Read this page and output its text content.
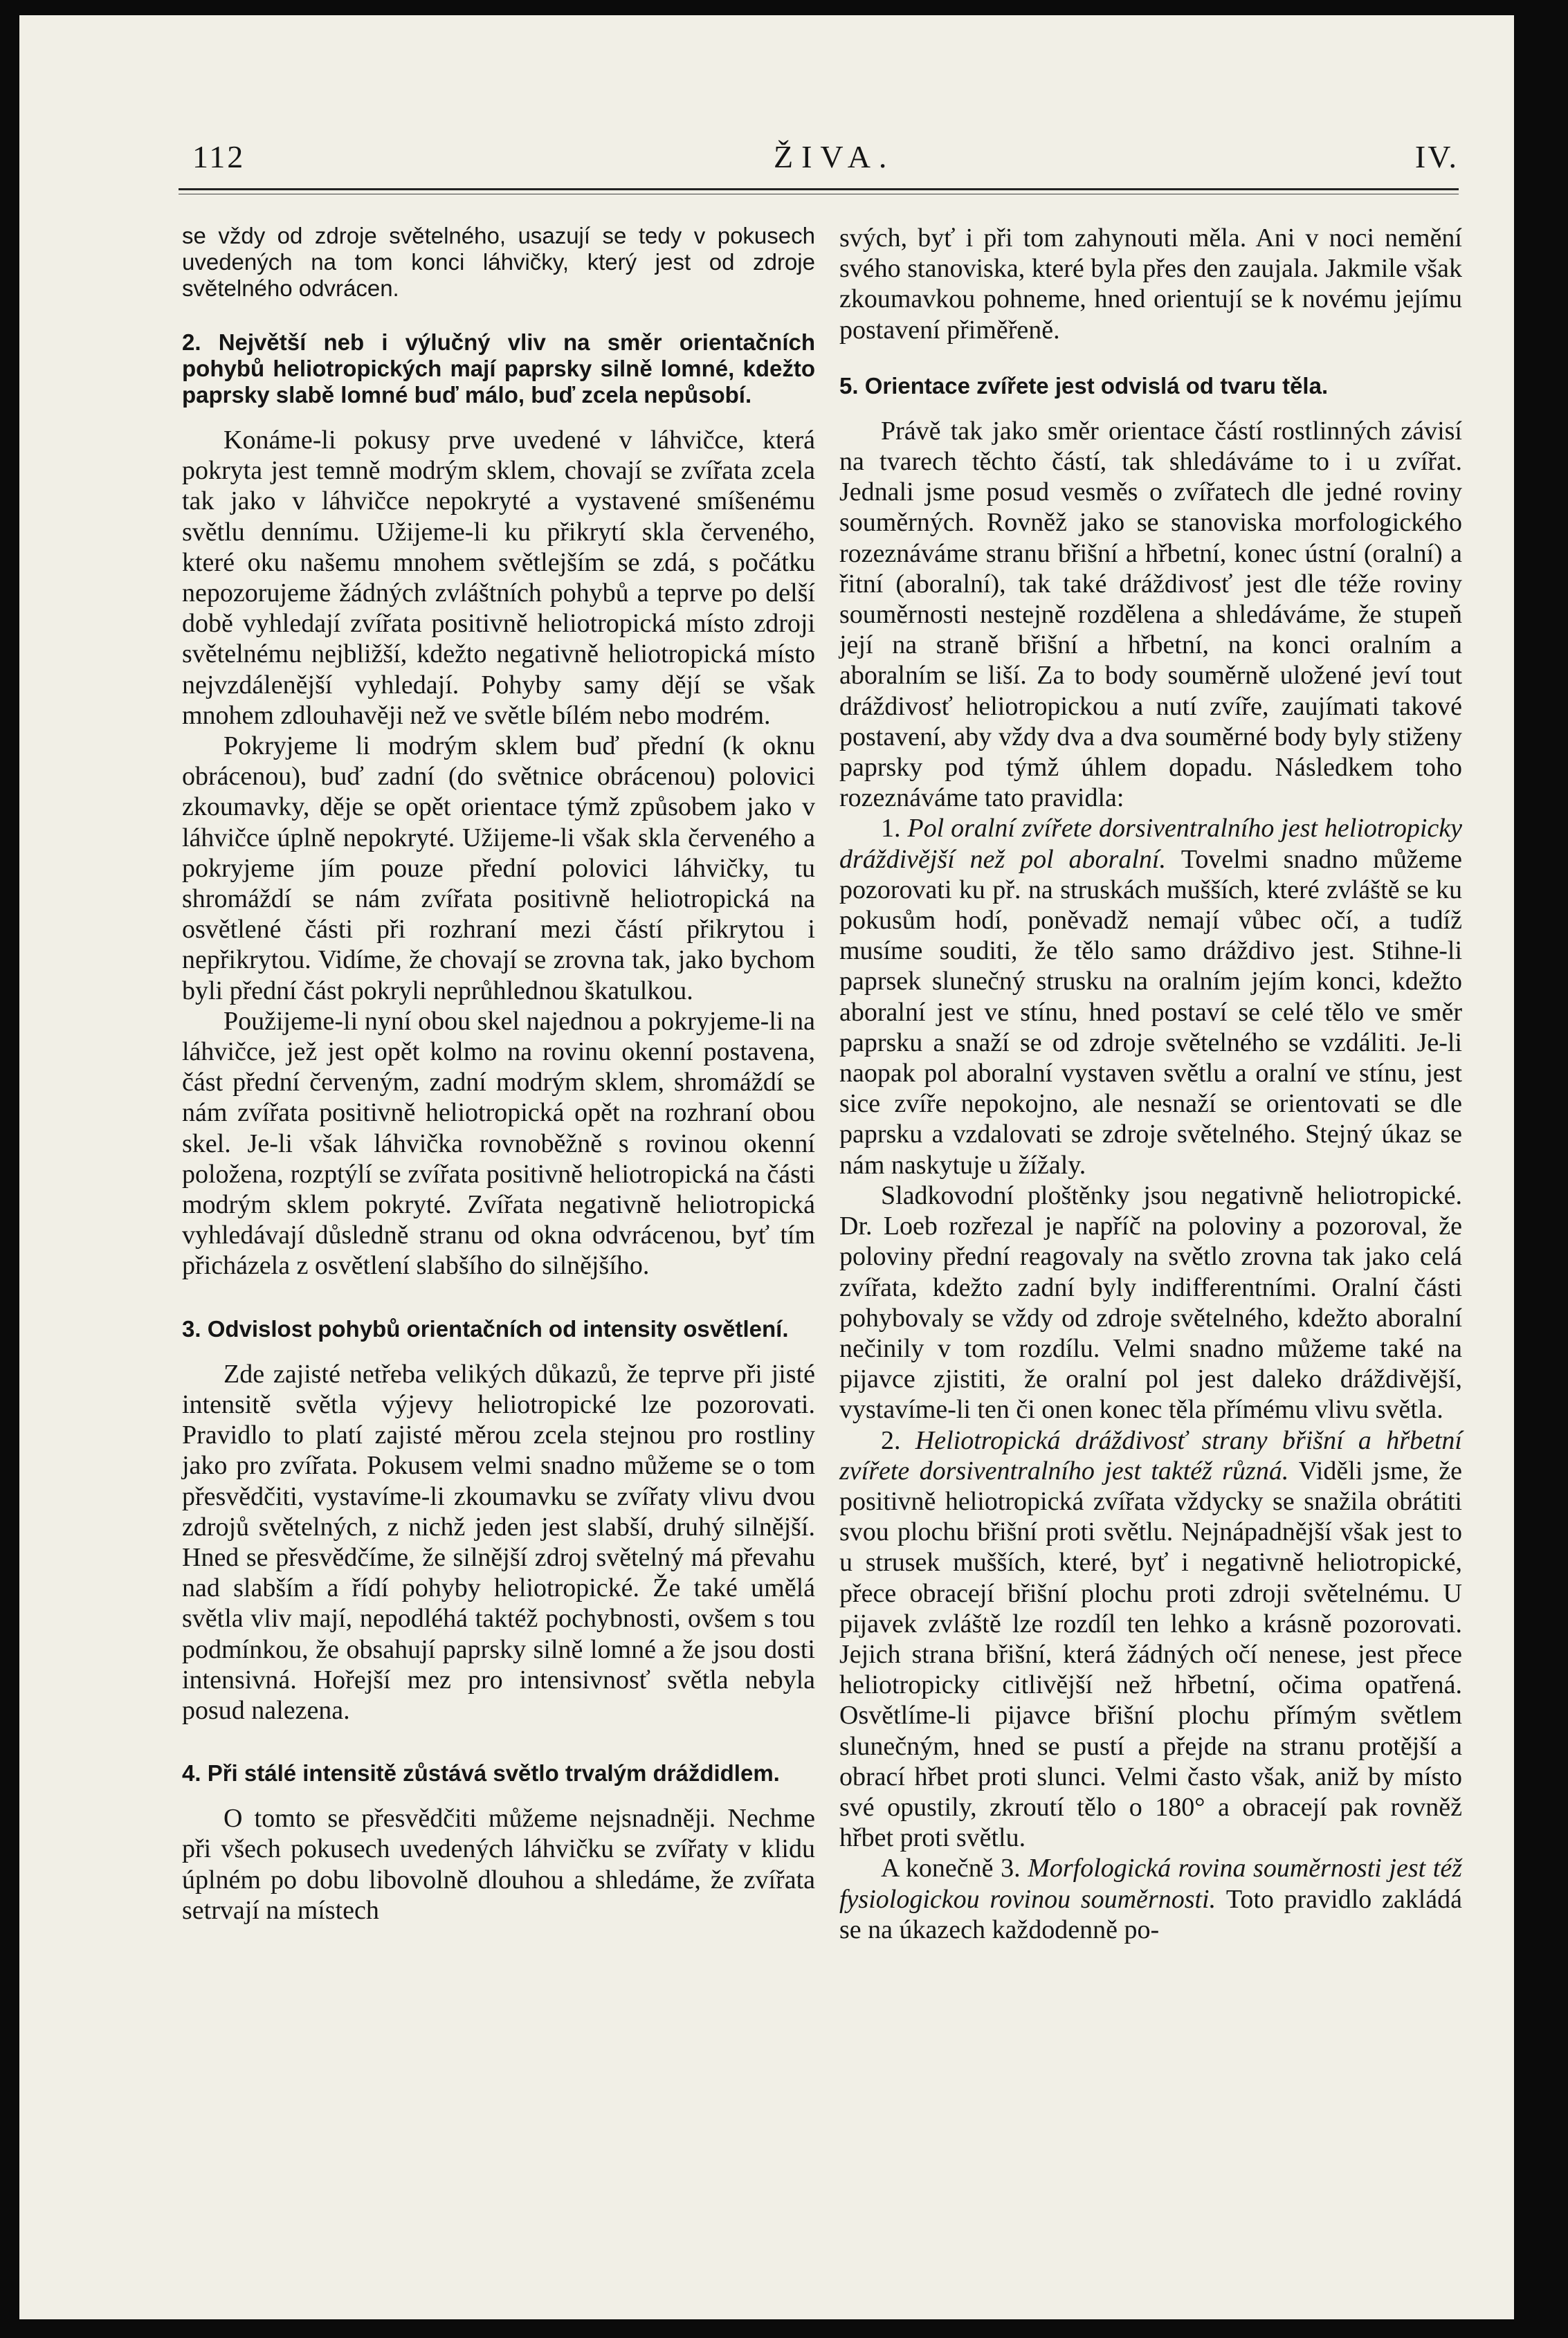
112	ŽIVA.	IV.

se vždy od zdroje světelného, usazují se tedy v pokusech uvedených na tom konci láhvičky, který jest od zdroje světelného odvrácen.

2. Největší neb i výlučný vliv na směr orientačních pohybů heliotropických mají paprsky silně lomné, kdežto paprsky slabě lomné buď málo, buď zcela nepůsobí.

Konáme-li pokusy prve uvedené v láhvičce, která pokryta jest temně modrým sklem, chovají se zvířata zcela tak jako v láhvičce nepokryté a vystavené smíšenému světlu dennímu. Užijeme-li ku přikrytí skla červeného, které oku našemu mnohem světlejším se zdá, s počátku nepozorujeme žádných zvláštních pohybů a teprve po delší době vyhledají zvířata positivně heliotropická místo zdroji světelnému nejbližší, kdežto negativně heliotropická místo nejvzdálenější vyhledají. Pohyby samy dějí se však mnohem zdlouhavěji než ve světle bílém nebo modrém.

Pokryjeme li modrým sklem buď přední (k oknu obrácenou), buď zadní (do světnice obrácenou) polovici zkoumavky, děje se opět orientace týmž způsobem jako v láhvičce úplně nepokryté. Užijeme-li však skla červeného a pokryjeme jím pouze přední polovici láhvičky, tu shromáždí se nám zvířata positivně heliotropická na osvětlené části při rozhraní mezi částí přikrytou i nepřikrytou. Vidíme, že chovají se zrovna tak, jako bychom byli přední část pokryli neprůhlednou škatulkou.

Použijeme-li nyní obou skel najednou a pokryjeme-li na láhvičce, jež jest opět kolmo na rovinu okenní postavena, část přední červeným, zadní modrým sklem, shromáždí se nám zvířata positivně heliotropická opět na rozhraní obou skel. Je-li však láhvička rovnoběžně s rovinou okenní položena, rozptýlí se zvířata positivně heliotropická na části modrým sklem pokryté. Zvířata negativně heliotropická vyhledávají důsledně stranu od okna odvrácenou, byť tím přicházela z osvětlení slabšího do silnějšího.

3. Odvislost pohybů orientačních od intensity osvětlení.

Zde zajisté netřeba velikých důkazů, že teprve při jisté intensitě světla výjevy heliotropické lze pozorovati. Pravidlo to platí zajisté měrou zcela stejnou pro rostliny jako pro zvířata. Pokusem velmi snadno můžeme se o tom přesvědčiti, vystavíme-li zkoumavku se zvířaty vlivu dvou zdrojů světelných, z nichž jeden jest slabší, druhý silnější. Hned se přesvědčíme, že silnější zdroj světelný má převahu nad slabším a řídí pohyby heliotropické. Že také umělá světla vliv mají, nepodléhá taktéž pochybnosti, ovšem s tou podmínkou, že obsahují paprsky silně lomné a že jsou dosti intensivná. Hořejší mez pro intensivnosť světla nebyla posud nalezena.

4. Při stálé intensitě zůstává světlo trvalým dráždidlem.

O tomto se přesvědčiti můžeme nejsnadněji. Nechme při všech pokusech uvedených láhvičku se zvířaty v klidu úplném po dobu libovolně dlouhou a shledáme, že zvířata setrvají na místech

svých, byť i při tom zahynouti měla. Ani v noci nemění svého stanoviska, které byla přes den zaujala. Jakmile však zkoumavkou pohneme, hned orientují se k novému jejímu postavení přiměřeně.

5. Orientace zvířete jest odvislá od tvaru těla.

Právě tak jako směr orientace částí rostlinných závisí na tvarech těchto částí, tak shledáváme to i u zvířat. Jednali jsme posud vesměs o zvířatech dle jedné roviny souměrných. Rovněž jako se stanoviska morfologického rozeznáváme stranu břišní a hřbetní, konec ústní (oralní) a řitní (aboralní), tak také dráždivosť jest dle téže roviny souměrnosti nestejně rozdělena a shledáváme, že stupeň její na straně břišní a hřbetní, na konci oralním a aboralním se liší. Za to body souměrně uložené jeví tout dráždivosť heliotropickou a nutí zvíře, zaujímati takové postavení, aby vždy dva a dva souměrné body byly stiženy paprsky pod týmž úhlem dopadu. Následkem toho rozeznáváme tato pravidla:

1. Pol oralní zvířete dorsiventralního jest heliotropicky dráždivější než pol aboralní. Tovelmi snadno můžeme pozorovati ku př. na struskách mušších, které zvláště se ku pokusům hodí, poněvadž nemají vůbec očí, a tudíž musíme souditi, že tělo samo dráždivo jest. Stihne-li paprsek slunečný strusku na oralním jejím konci, kdežto aboralní jest ve stínu, hned postaví se celé tělo ve směr paprsku a snaží se od zdroje světelného se vzdáliti. Je-li naopak pol aboralní vystaven světlu a oralní ve stínu, jest sice zvíře nepokojno, ale nesnaží se orientovati se dle paprsku a vzdalovati se zdroje světelného. Stejný úkaz se nám naskytuje u žížaly.

Sladkovodní ploštěnky jsou negativně heliotropické. Dr. Loeb rozřezal je napříč na poloviny a pozoroval, že poloviny přední reagovaly na světlo zrovna tak jako celá zvířata, kdežto zadní byly indifferentními. Oralní části pohybovaly se vždy od zdroje světelného, kdežto aboralní nečinily v tom rozdílu. Velmi snadno můžeme také na pijavce zjistiti, že oralní pol jest daleko dráždivější, vystavíme-li ten či onen konec těla přímému vlivu světla.

2. Heliotropická dráždivosť strany břišní a hřbetní zvířete dorsiventralního jest taktéž různá. Viděli jsme, že positivně heliotropická zvířata vždycky se snažila obrátiti svou plochu břišní proti světlu. Nejnápadnější však jest to u strusek mušších, které, byť i negativně heliotropické, přece obracejí břišní plochu proti zdroji světelnému. U pijavek zvláště lze rozdíl ten lehko a krásně pozorovati. Jejich strana břišní, která žádných očí nenese, jest přece heliotropicky citlivější než hřbetní, očima opatřená. Osvětlíme-li pijavce břišní plochu přímým světlem slunečným, hned se pustí a přejde na stranu protější a obrací hřbet proti slunci. Velmi často však, aniž by místo své opustily, zkroutí tělo o 180° a obracejí pak rovněž hřbet proti světlu.

A konečně 3. Morfologická rovina souměrnosti jest též fysiologickou rovinou souměrnosti. Toto pravidlo zakládá se na úkazech každodenně po-
